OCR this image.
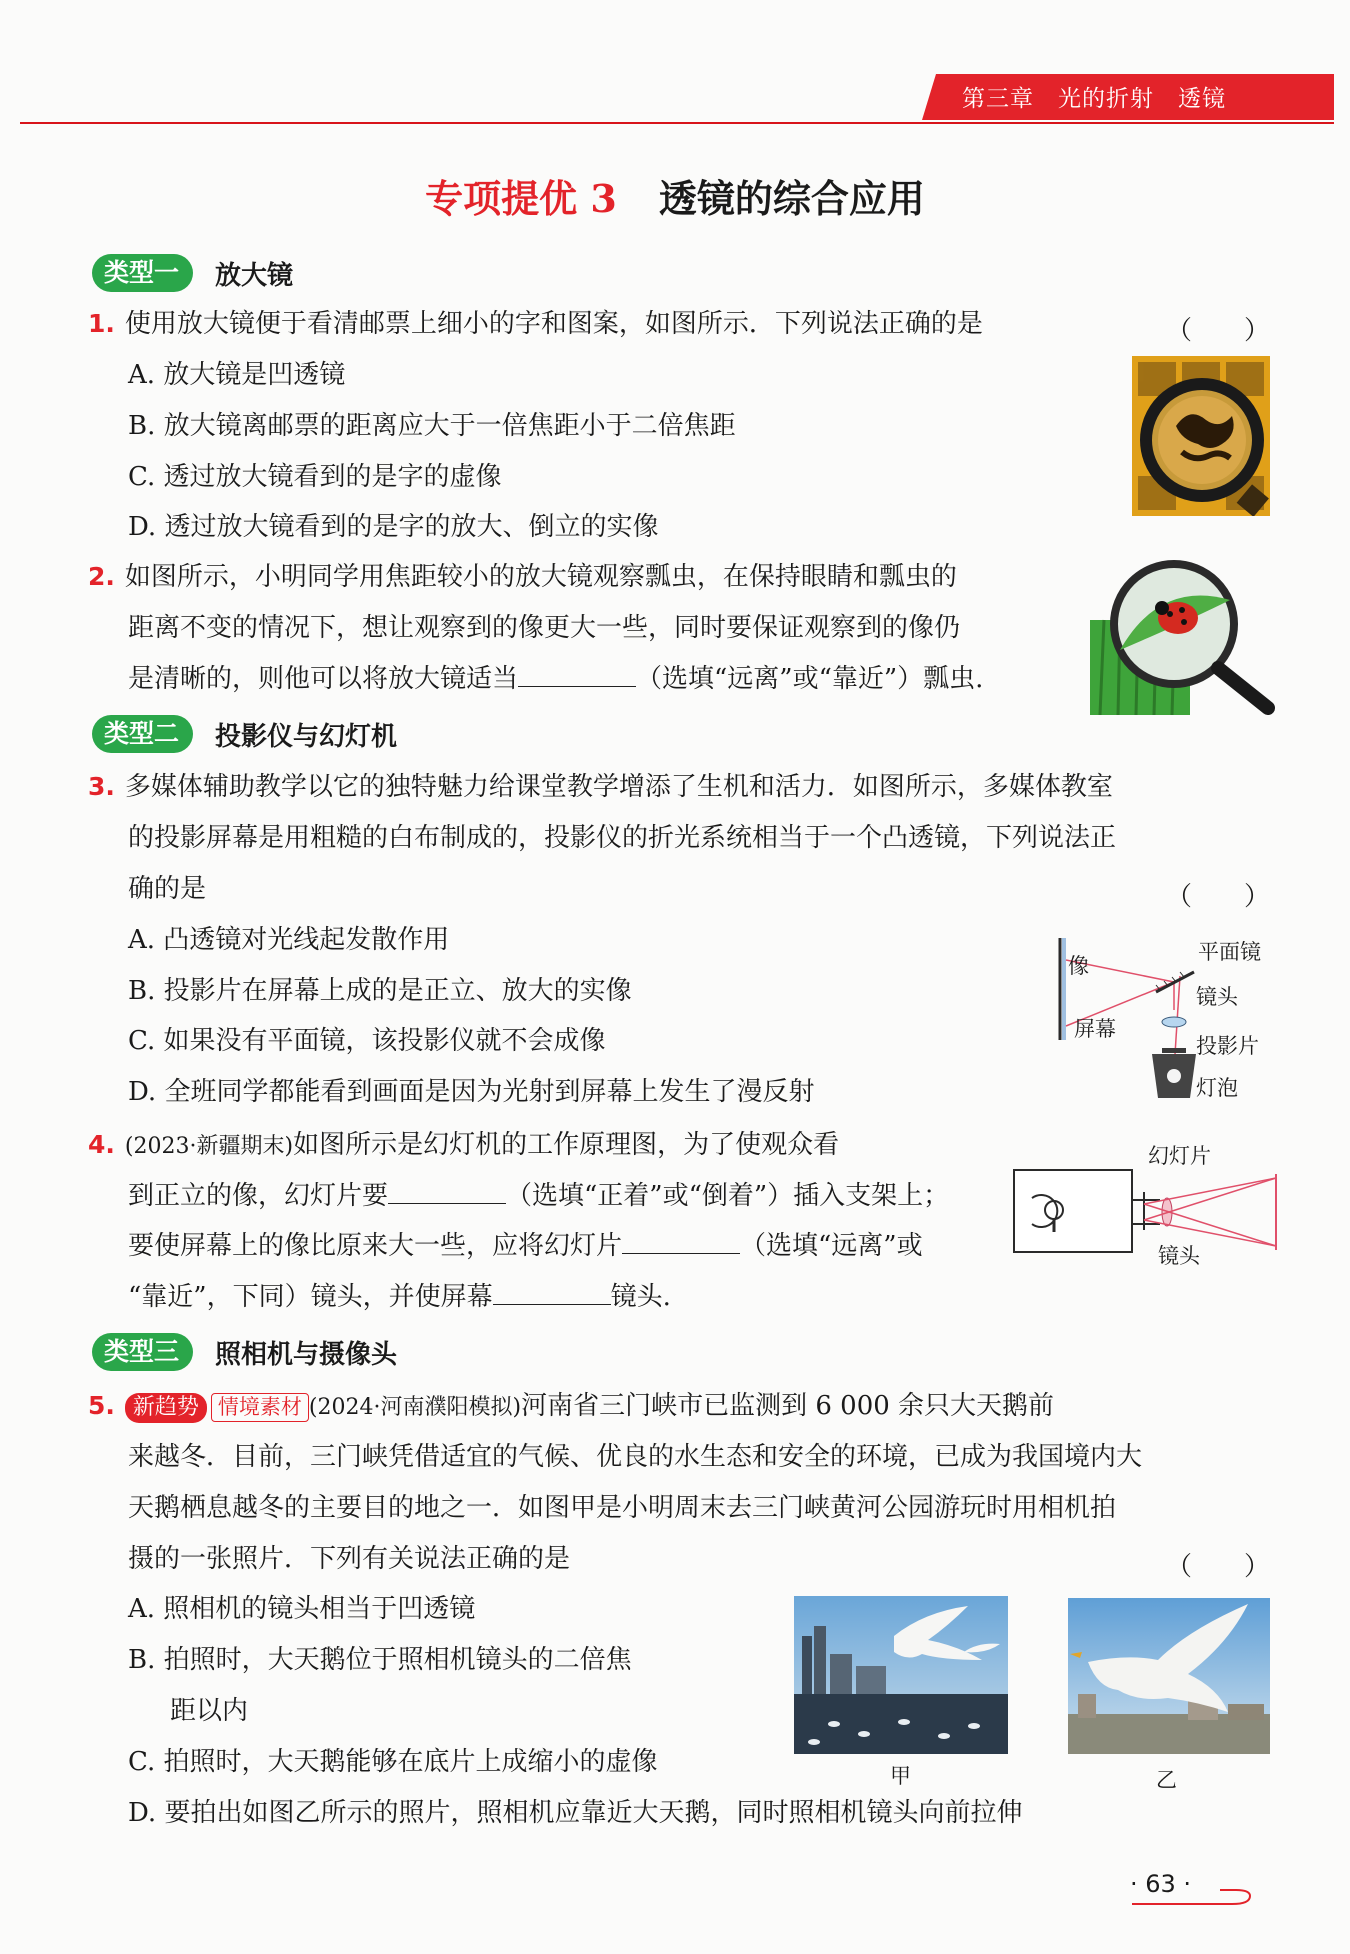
第三章　光的折射　透镜
专项提优 3 透镜的综合应用
类型一 放大镜
1. 使用放大镜便于看清邮票上细小的字和图案，如图所示．下列说法正确的是	（　　）
A. 放大镜是凹透镜
B. 放大镜离邮票的距离应大于一倍焦距小于二倍焦距
C. 透过放大镜看到的是字的虚像
D. 透过放大镜看到的是字的放大、倒立的实像
2. 如图所示，小明同学用焦距较小的放大镜观察瓢虫，在保持眼睛和瓢虫的
距离不变的情况下，想让观察到的像更大一些，同时要保证观察到的像仍
是清晰的，则他可以将放大镜适当	（选填“远离”或“靠近”）瓢虫.
类型二 投影仪与幻灯机
3. 多媒体辅助教学以它的独特魅力给课堂教学增添了生机和活力．如图所示，多媒体教室
的投影屏幕是用粗糙的白布制成的，投影仪的折光系统相当于一个凸透镜，下列说法正
确的是	（　　）
A. 凸透镜对光线起发散作用
B. 投影片在屏幕上成的是正立、放大的实像
C. 如果没有平面镜，该投影仪就不会成像
D. 全班同学都能看到画面是因为光射到屏幕上发生了漫反射
像
屏幕
平面镜
镜头
投影片
灯泡
4. (2023·新疆期末)如图所示是幻灯机的工作原理图，为了使观众看
到正立的像，幻灯片要	（选填“正着”或“倒着”）插入支架上；
要使屏幕上的像比原来大一些，应将幻灯片	（选填“远离”或
“靠近”，下同）镜头，并使屏幕	镜头.
幻灯片
镜头
类型三 照相机与摄像头
5. 新趋势 情境素材 (2024·河南濮阳模拟)河南省三门峡市已监测到 6 000 余只大天鹅前
来越冬．目前，三门峡凭借适宜的气候、优良的水生态和安全的环境，已成为我国境内大
天鹅栖息越冬的主要目的地之一．如图甲是小明周末去三门峡黄河公园游玩时用相机拍
摄的一张照片．下列有关说法正确的是	（　　）
A. 照相机的镜头相当于凹透镜
B. 拍照时，大天鹅位于照相机镜头的二倍焦
距以内
C. 拍照时，大天鹅能够在底片上成缩小的虚像
D. 要拍出如图乙所示的照片，照相机应靠近大天鹅，同时照相机镜头向前拉伸
甲	乙
· 63 ·
